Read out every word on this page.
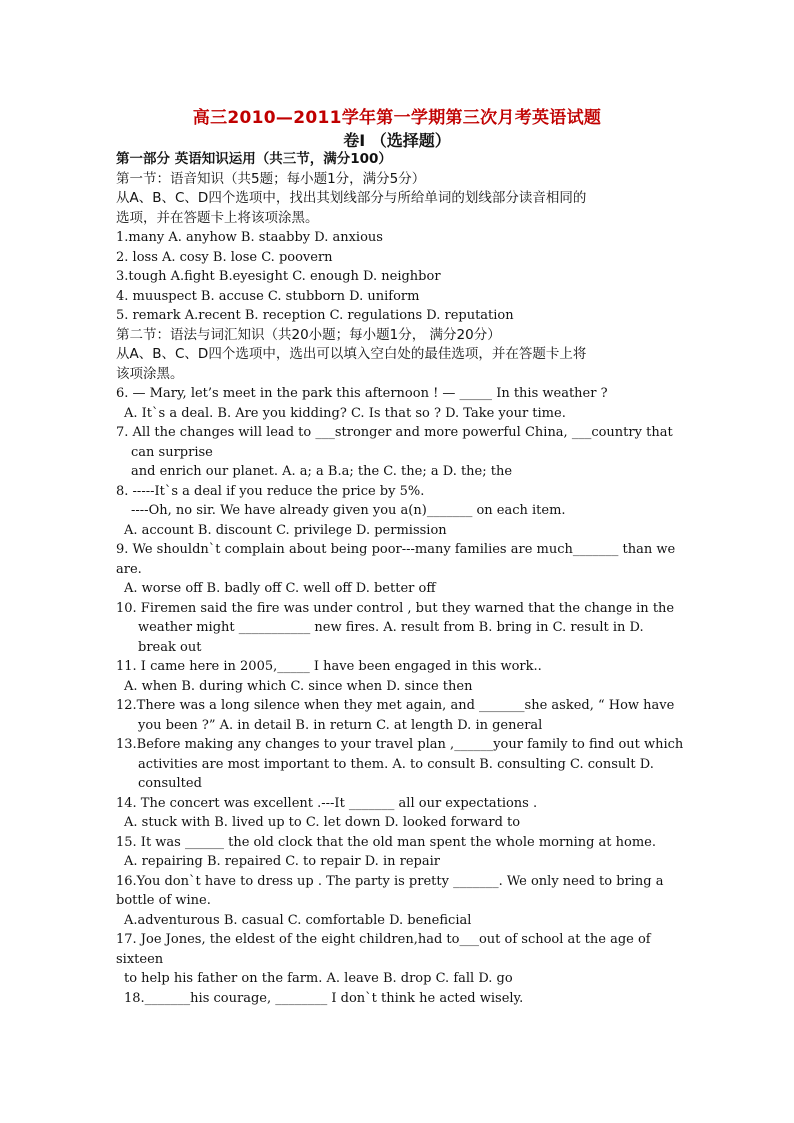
高三2010—2011学年第一学期第三次月考英语试题
卷I （选择题）
第一部分 英语知识运用（共三节，满分100）
第一节：语音知识（共5题；每小题1分，满分5分）
从A、B、C、D四个选项中，找出其划线部分与所给单词的划线部分读音相同的
选项，并在答题卡上将该项涂黑。
1.many A. anyhow B. staabby D. anxious
2. loss A. cosy B. lose C. poovern
3.tough A.fight B.eyesight C. enough D. neighbor
4. muuspect B. accuse C. stubborn D. uniform
5. remark A.recent B. reception C. regulations D. reputation
第二节：语法与词汇知识（共20小题；每小题1分， 满分20分）
从A、B、C、D四个选项中，选出可以填入空白处的最佳选项，并在答题卡上将
该项涂黑。
6. — Mary, let’s meet in the park this afternoon ! — _____ In this weather ?
A. It`s a deal. B. Are you kidding? C. Is that so ? D. Take your time.
7. All the changes will lead to ___stronger and more powerful China, ___country that
can surprise
and enrich our planet. A. a; a B.a; the C. the; a D. the; the
8. -----It`s a deal if you reduce the price by 5%.
----Oh, no sir. We have already given you a(n)_______ on each item.
A. account B. discount C. privilege D. permission
9. We shouldn`t complain about being poor---many families are much_______ than we
are.
A. worse off B. badly off C. well off D. better off
10. Firemen said the fire was under control , but they warned that the change in the
weather might ___________ new fires. A. result from B. bring in C. result in D.
break out
11. I came here in 2005,_____ I have been engaged in this work..
A. when B. during which C. since when D. since then
12.There was a long silence when they met again, and _______she asked, “ How have
you been ?” A. in detail B. in return C. at length D. in general
13.Before making any changes to your travel plan ,______your family to find out which
activities are most important to them. A. to consult B. consulting C. consult D.
consulted
14. The concert was excellent .---It _______ all our expectations .
A. stuck with B. lived up to C. let down D. looked forward to
15. It was ______ the old clock that the old man spent the whole morning at home.
A. repairing B. repaired C. to repair D. in repair
16.You don`t have to dress up . The party is pretty _______. We only need to bring a
bottle of wine.
A.adventurous B. casual C. comfortable D. beneficial
17. Joe Jones, the eldest of the eight children,had to___out of school at the age of
sixteen
to help his father on the farm. A. leave B. drop C. fall D. go
18._______his courage, ________ I don`t think he acted wisely.
